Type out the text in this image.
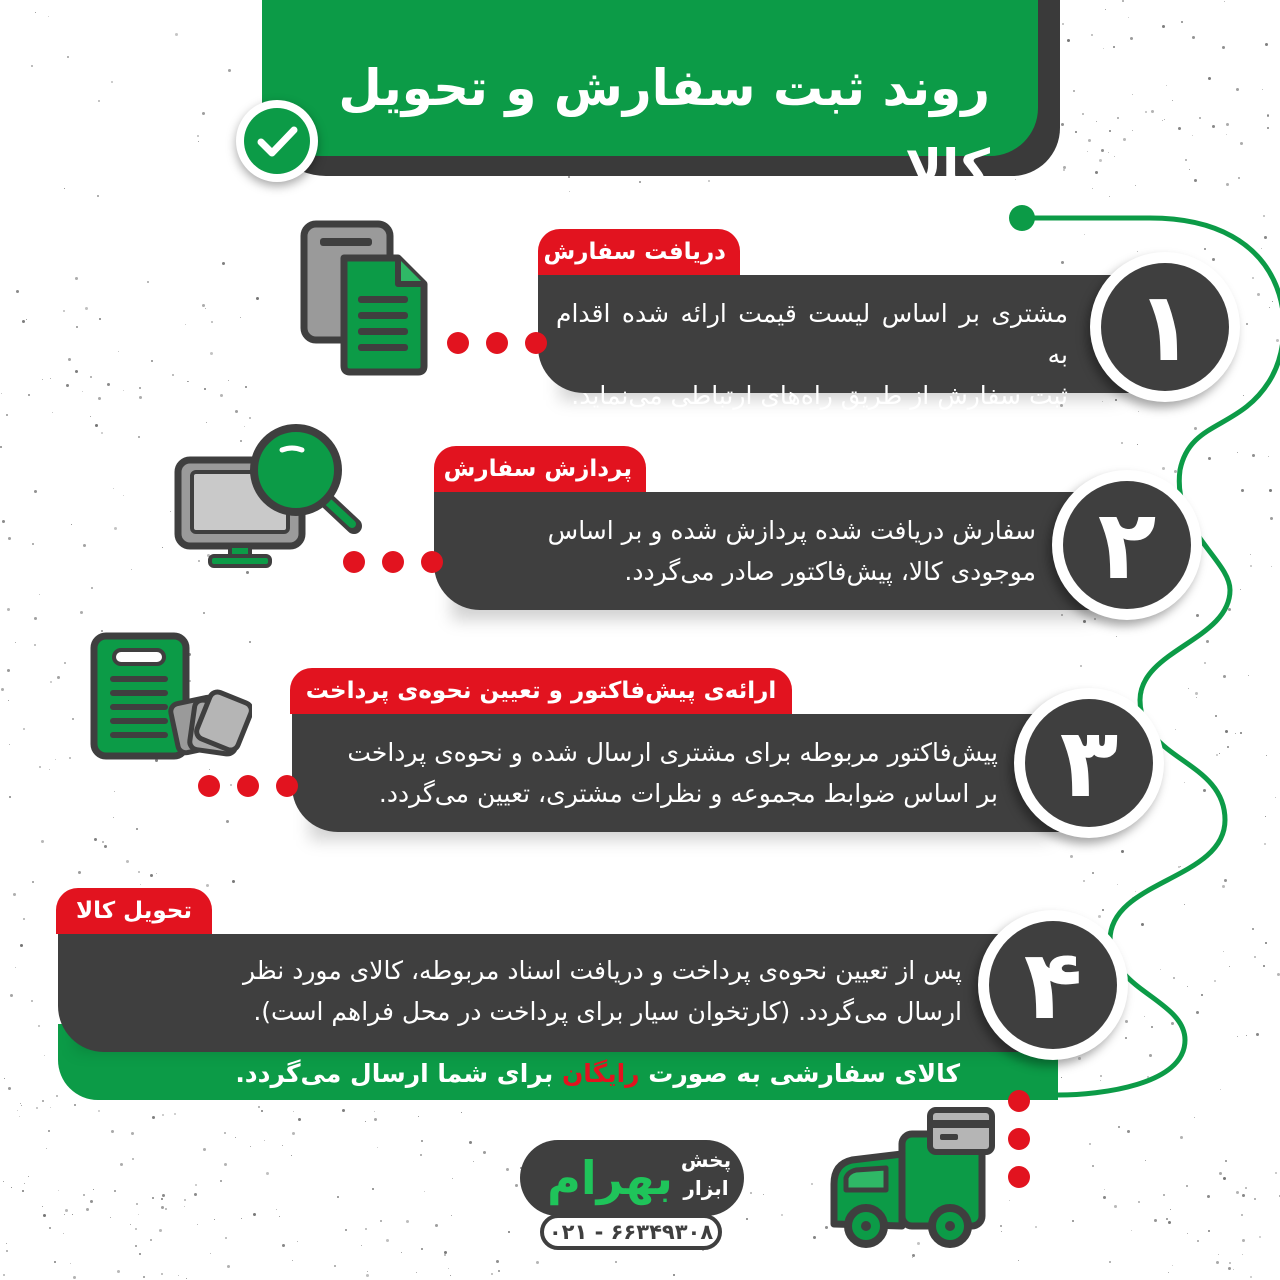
روند ثبت سفارش و تحویل کالا
مشتری بر اساس لیست قیمت ارائه شده اقدام به
ثبت سفارش از طریق راه‌های ارتباطی می‌نماید.
دریافت سفارش
۱
سفارش دریافت شده پردازش شده و بر اساس
موجودی کالا، پیش‌فاکتور صادر می‌گردد.
پردازش سفارش
۲
پیش‌فاکتور مربوطه برای مشتری ارسال شده و نحوه‌ی پرداخت
بر اساس ضوابط مجموعه و نظرات مشتری، تعیین می‌گردد.
ارائه‌ی پیش‌فاکتور و تعیین نحوه‌ی پرداخت
۳
پس از تعیین نحوه‌ی پرداخت و دریافت اسناد مربوطه، کالای مورد نظر
ارسال می‌گردد. (کارتخوان سیار برای پرداخت در محل فراهم است).
تحویل کالا
۴
کالای سفارشی به صورت رایگان برای شما ارسال می‌گردد.
بهرام پخش
ابزار
۰۲۱ - ۶۶۳۴۹۳۰۸
